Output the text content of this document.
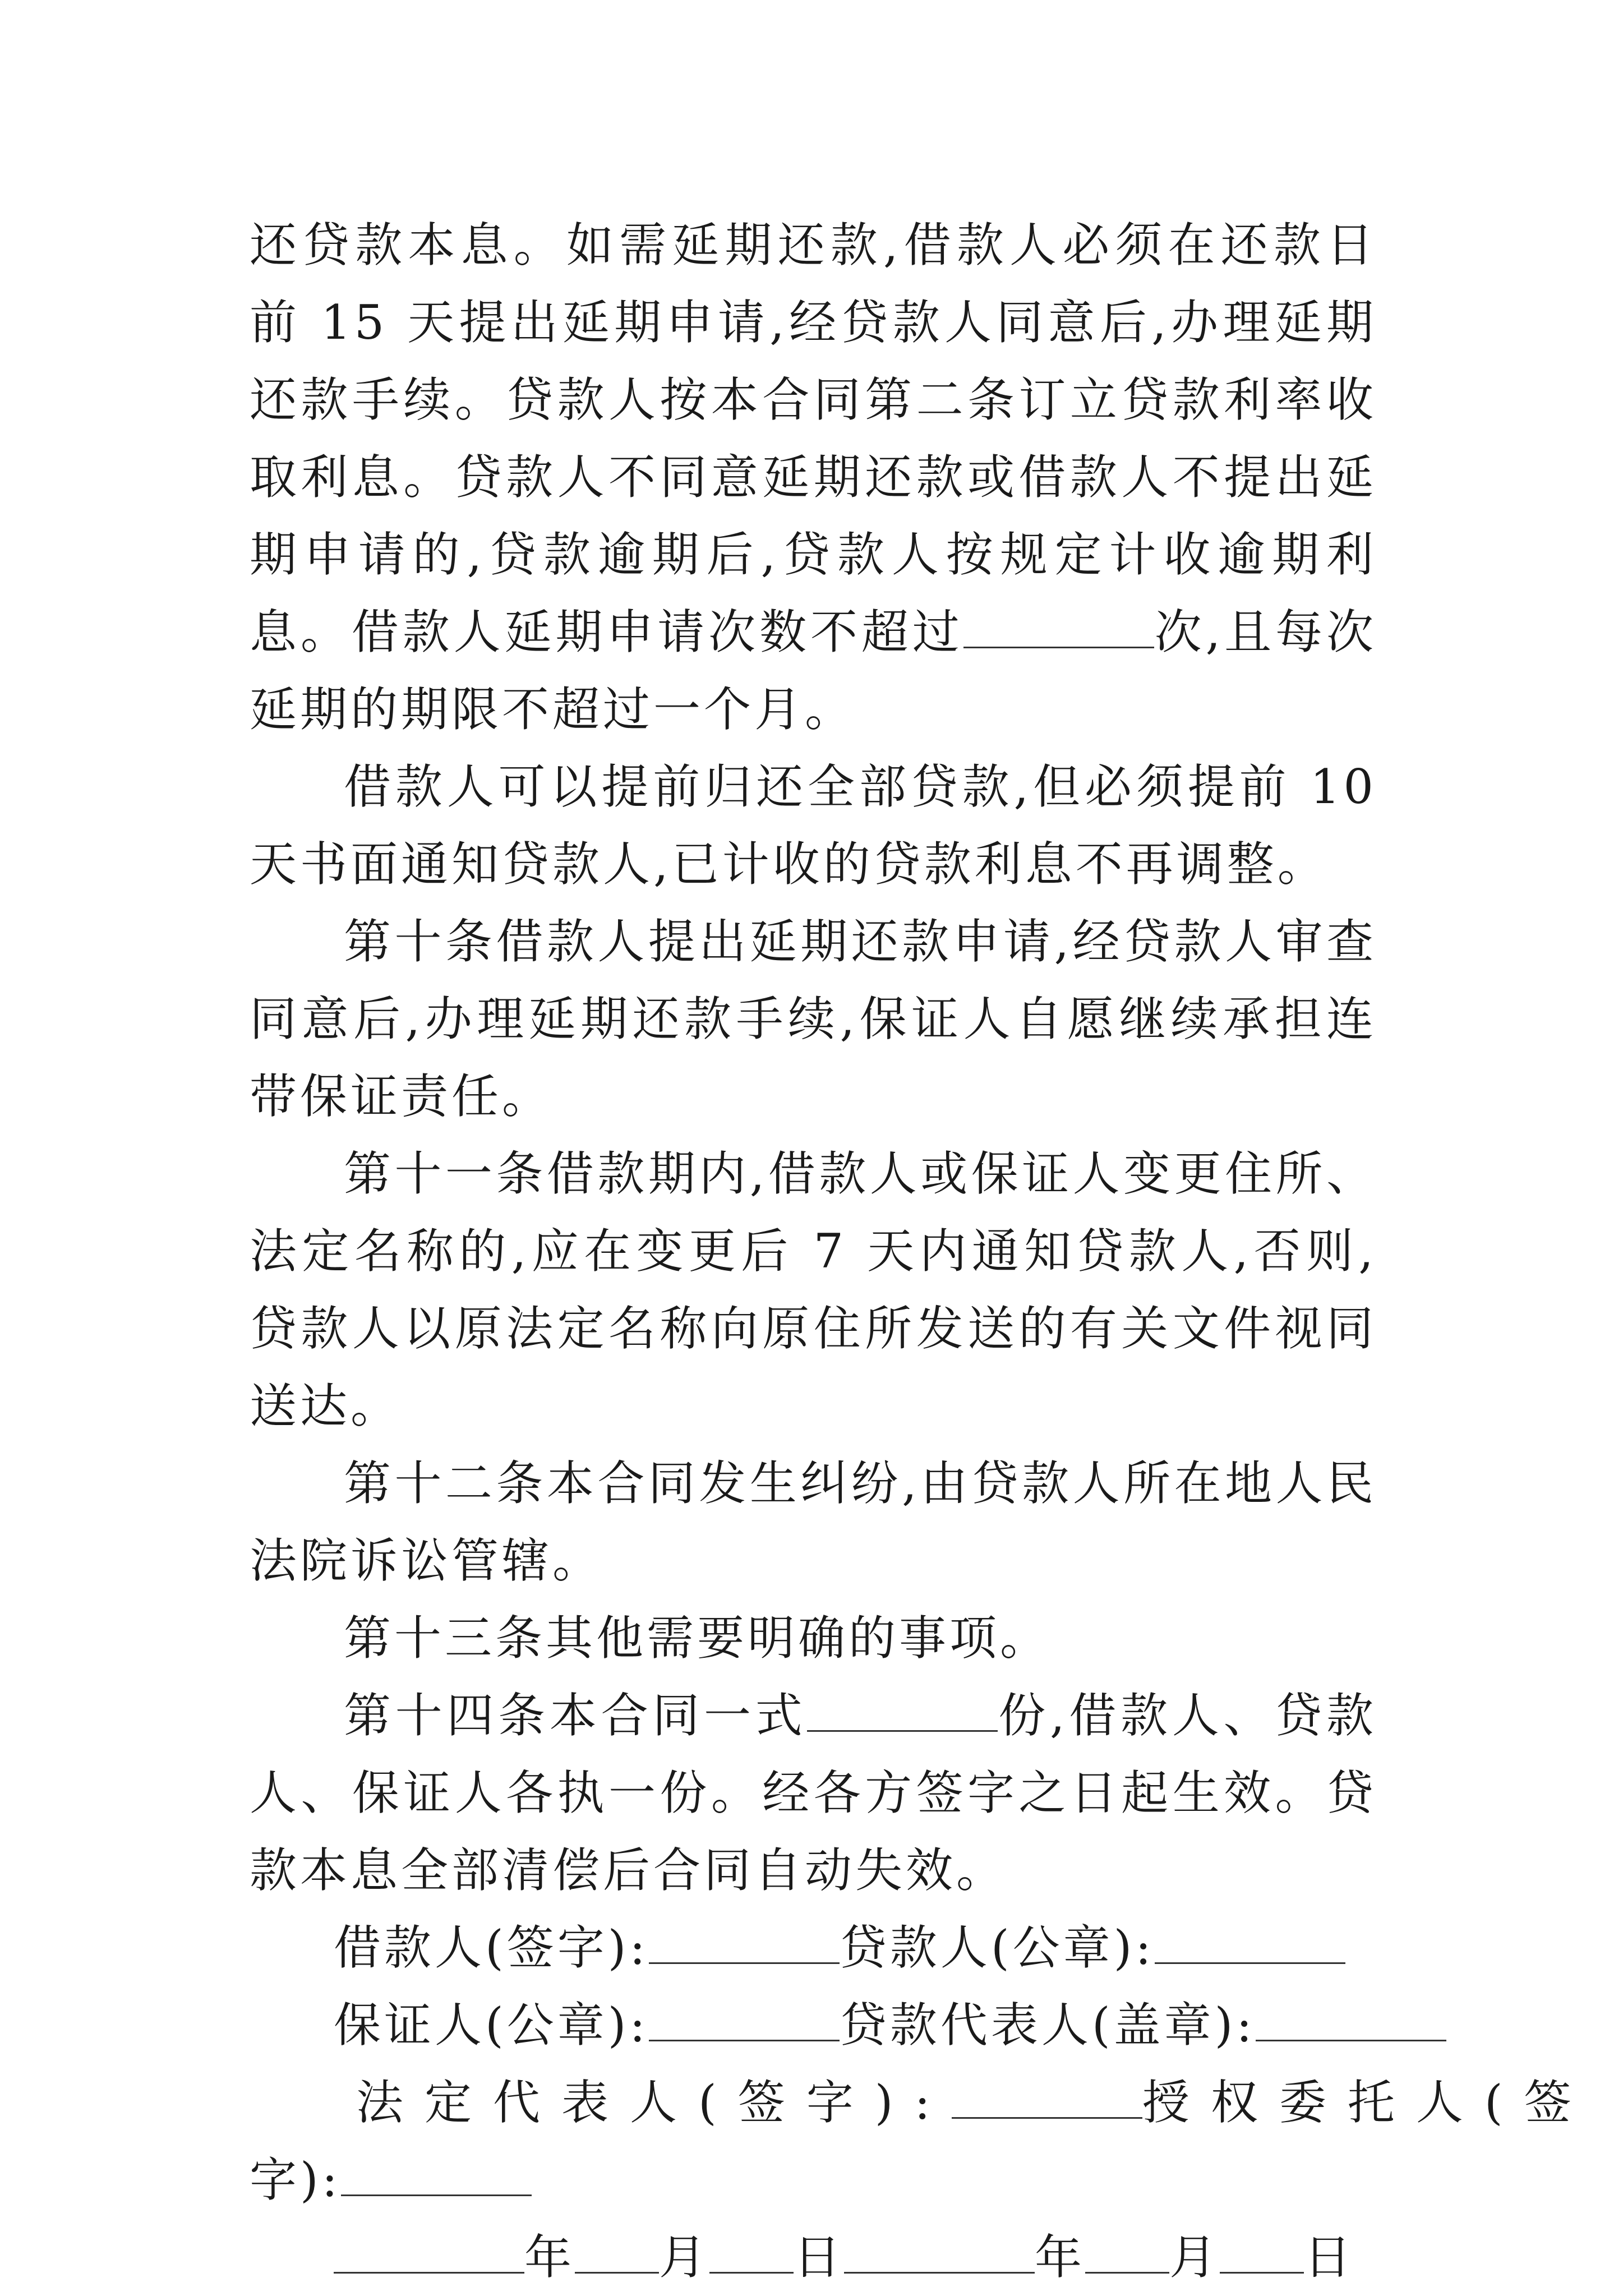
还贷款本息。如需延期还款,借款人必须在还款日前 15 天提出延期申请,经贷款人同意后,办理延期还款手续。贷款人按本合同第二条订立贷款利率收取利息。贷款人不同意延期还款或借款人不提出延期申请的,贷款逾期后,贷款人按规定计收逾期利息。借款人延期申请次数不超过	次,且每次延期的期限不超过一个月。

借款人可以提前归还全部贷款,但必须提前 10 天书面通知贷款人,已计收的贷款利息不再调整。

第十条借款人提出延期还款申请,经贷款人审查同意后,办理延期还款手续,保证人自愿继续承担连带保证责任。

第十一条借款期内,借款人或保证人变更住所、法定名称的,应在变更后 7 天内通知贷款人,否则,贷款人以原法定名称向原住所发送的有关文件视同送达。

第十二条本合同发生纠纷,由贷款人所在地人民法院诉讼管辖。

第十三条其他需要明确的事项。

第十四条本合同一式	份,借款人、贷款人、保证人各执一份。经各方签字之日起生效。贷款本息全部清偿后合同自动失效。

借款人(签字):	贷款人(公章):

保证人(公章):	贷款代表人(盖章):

法定代表人(签字):	授权委托人(签

字):

年 月 日	年 月 日
